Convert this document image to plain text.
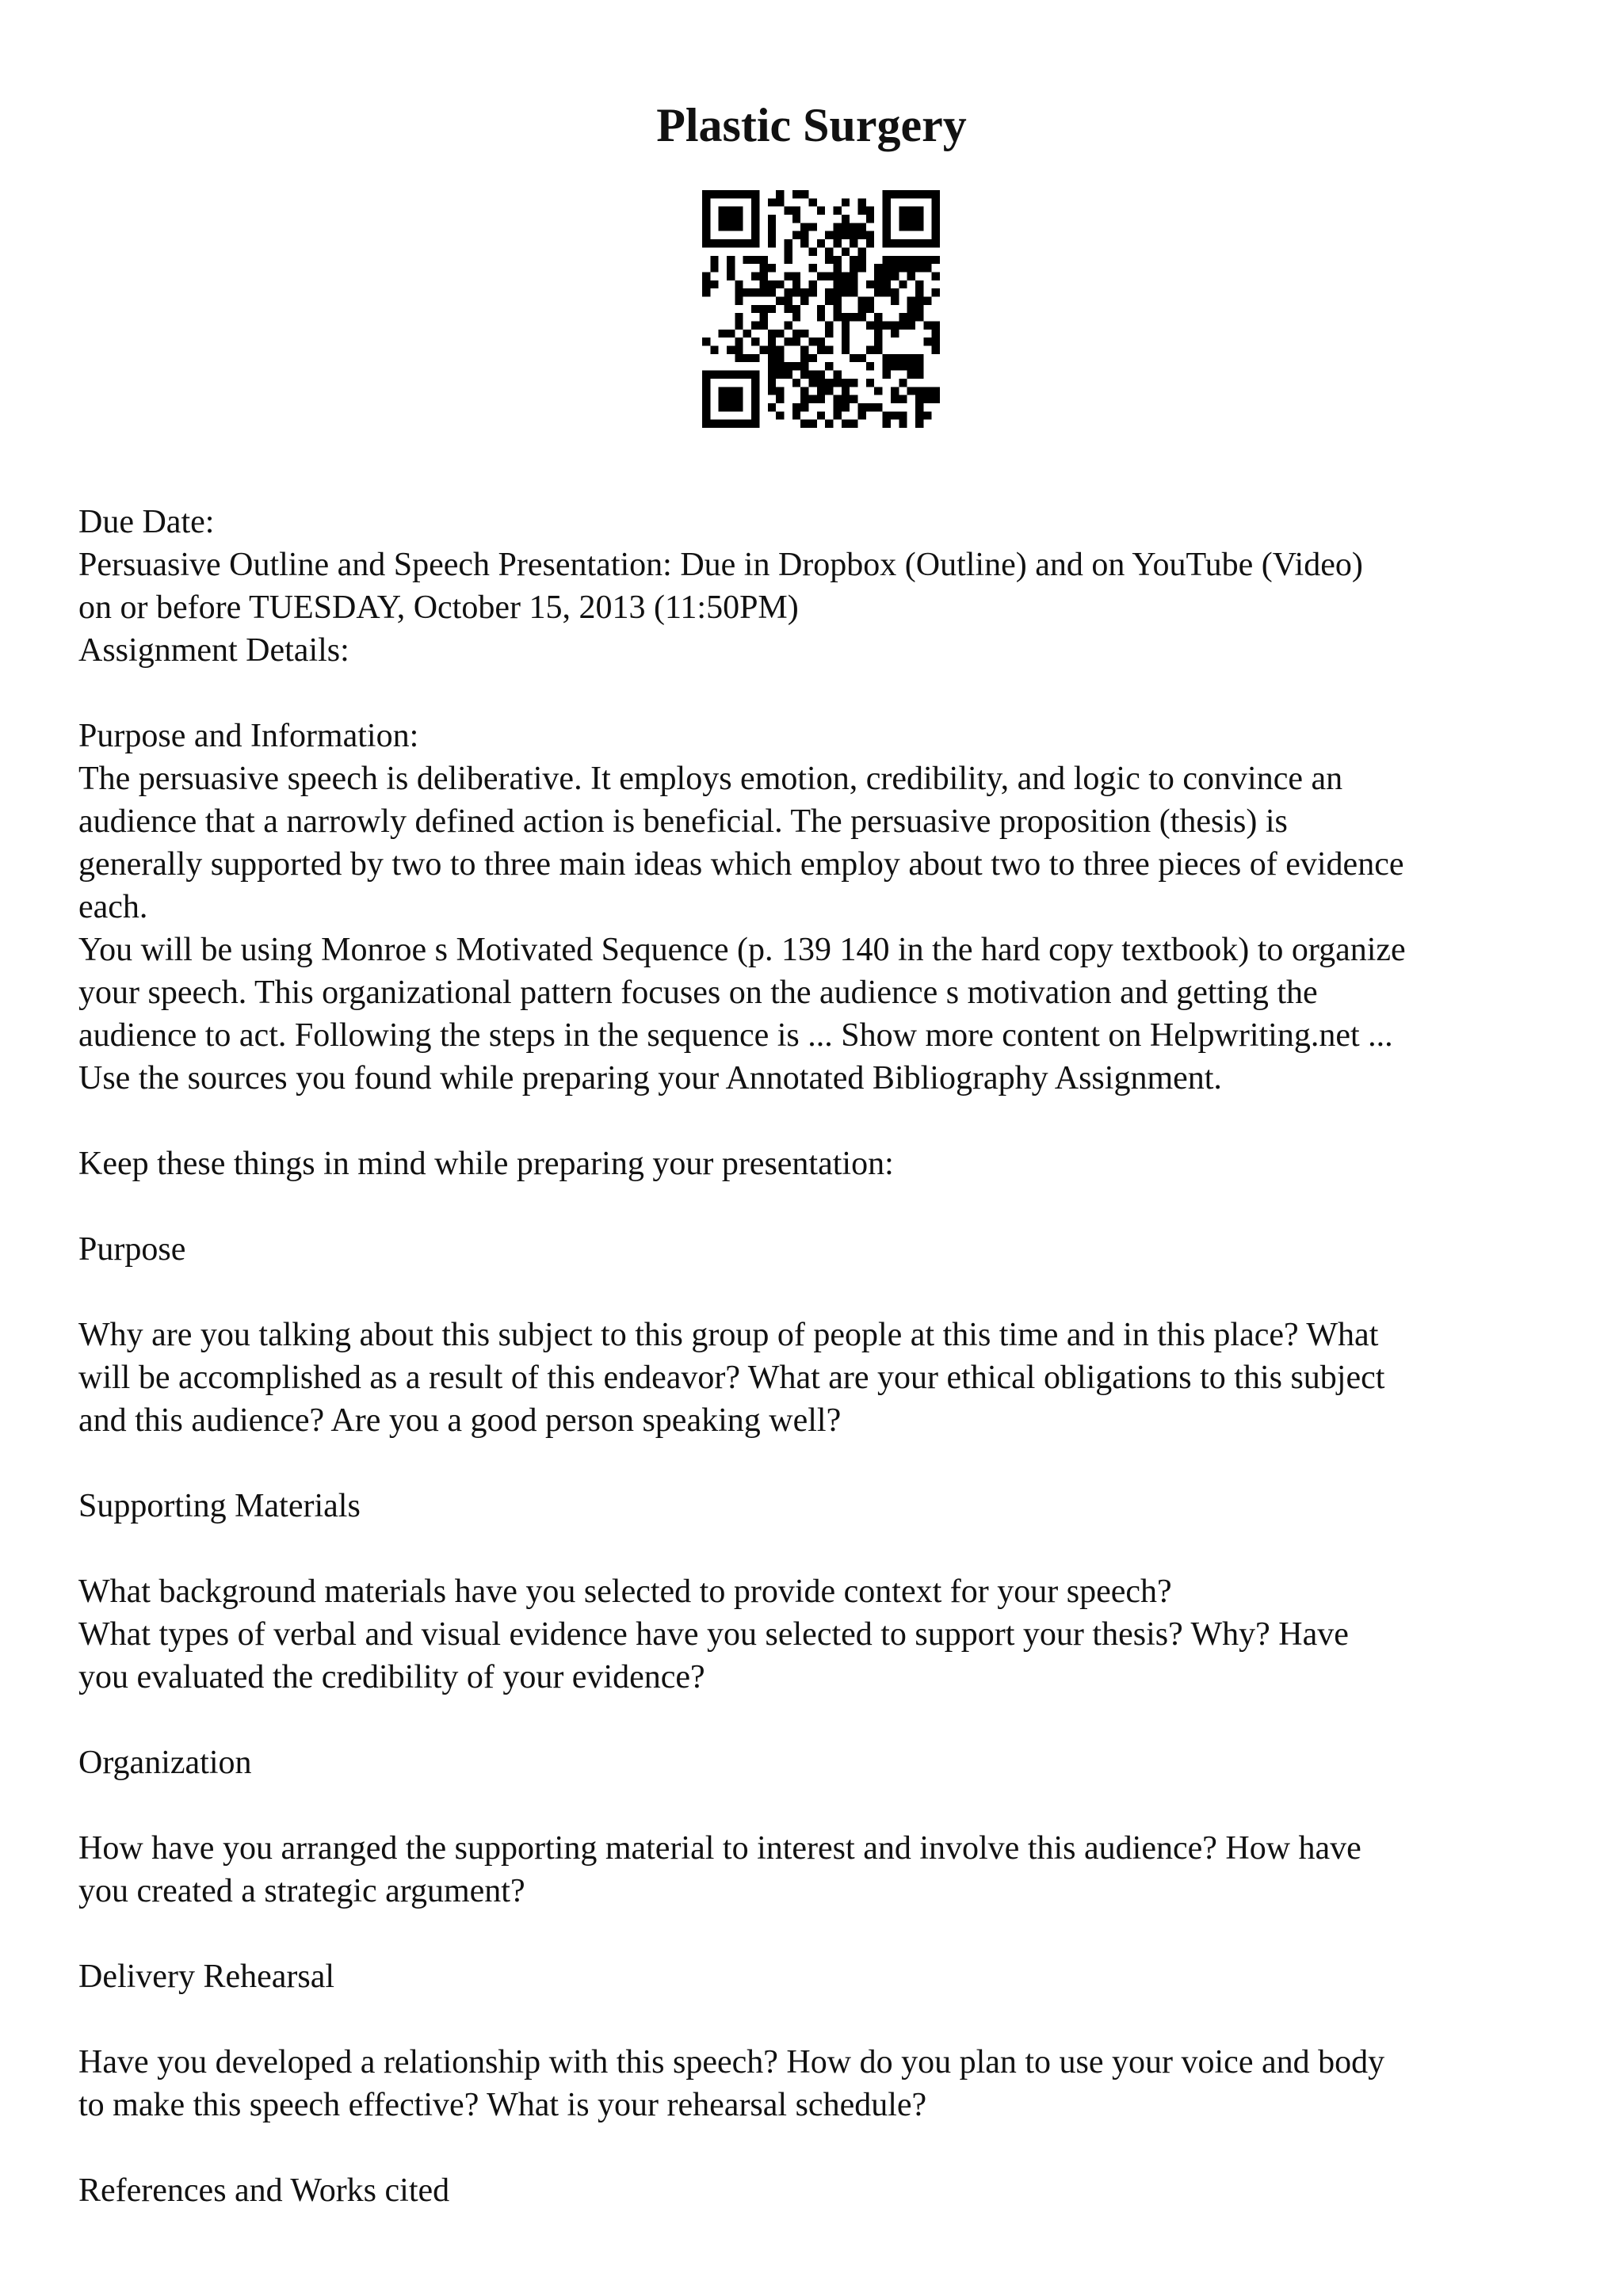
Plastic Surgery

Due Date:

Persuasive Outline and Speech Presentation: Due in Dropbox (Outline) and on YouTube (Video)

on or before TUESDAY, October 15, 2013 (11:50PM)

Assignment Details:

Purpose and Information:

The persuasive speech is deliberative. It employs emotion, credibility, and logic to convince an

audience that a narrowly defined action is beneficial. The persuasive proposition (thesis) is

generally supported by two to three main ideas which employ about two to three pieces of evidence

each.

You will be using Monroe s Motivated Sequence (p. 139 140 in the hard copy textbook) to organize

your speech. This organizational pattern focuses on the audience s motivation and getting the

audience to act. Following the steps in the sequence is ... Show more content on Helpwriting.net ...

Use the sources you found while preparing your Annotated Bibliography Assignment.

Keep these things in mind while preparing your presentation:

Purpose

Why are you talking about this subject to this group of people at this time and in this place? What

will be accomplished as a result of this endeavor? What are your ethical obligations to this subject

and this audience? Are you a good person speaking well?

Supporting Materials

What background materials have you selected to provide context for your speech?

What types of verbal and visual evidence have you selected to support your thesis? Why? Have

you evaluated the credibility of your evidence?

Organization

How have you arranged the supporting material to interest and involve this audience? How have

you created a strategic argument?

Delivery Rehearsal

Have you developed a relationship with this speech? How do you plan to use your voice and body

to make this speech effective? What is your rehearsal schedule?

References and Works cited
